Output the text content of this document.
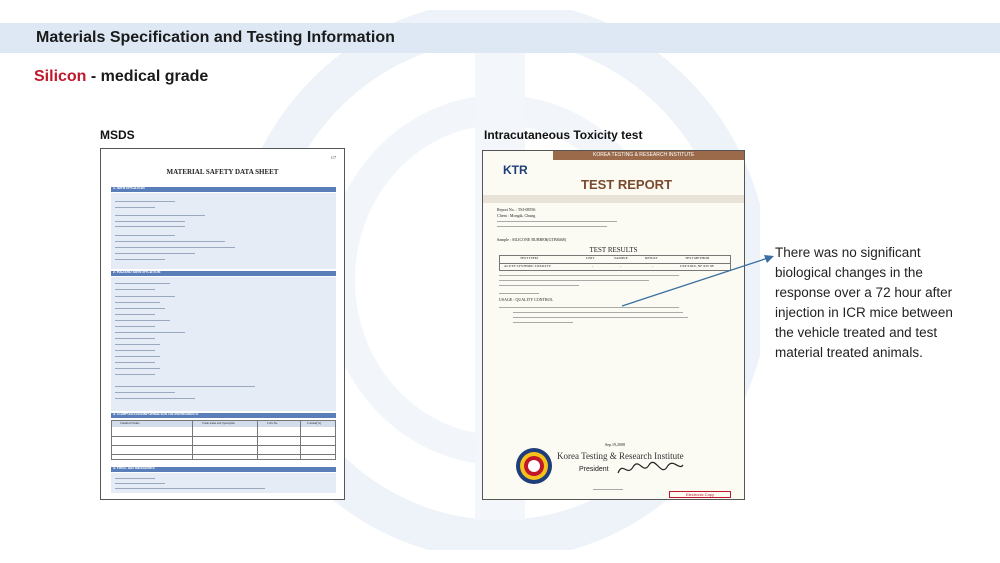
Materials Specification and Testing Information
Silicon - medical grade
MSDS	Intracutaneous Toxicity test
1/7
MATERIAL SAFETY DATA SHEET
1. IDENTIFICATION
2. HAZARD IDENTIFICATION
3. COMPOSITION/INFORMATION ON INGREDIENTS
Chemical Name	Trade name and Synonyms	CAS No.	Content(%)
4. FIRST AID MEASURES
KOREA TESTING & RESEARCH INSTITUTE
KTR
TEST REPORT
Report No. : TSJ-08556
Client : Mongik, Chung
Sample : SILICONE RUBBER(GTB8468)
TEST RESULTS
TEST ITEM	UNIT	SAMPLE	RESULT	TEST METHOD
ACUTE SYSTEMIC TOXICITY	-	-	-	USP XXIX, NF XIV 88
USAGE : QUALITY CONTROL
Sep.19,2008
Korea Testing & Research Institute
President
Electronic Copy
There was no significant biological changes in the response over a 72 hour after injection in ICR mice between the vehicle treated and test material treated animals.
